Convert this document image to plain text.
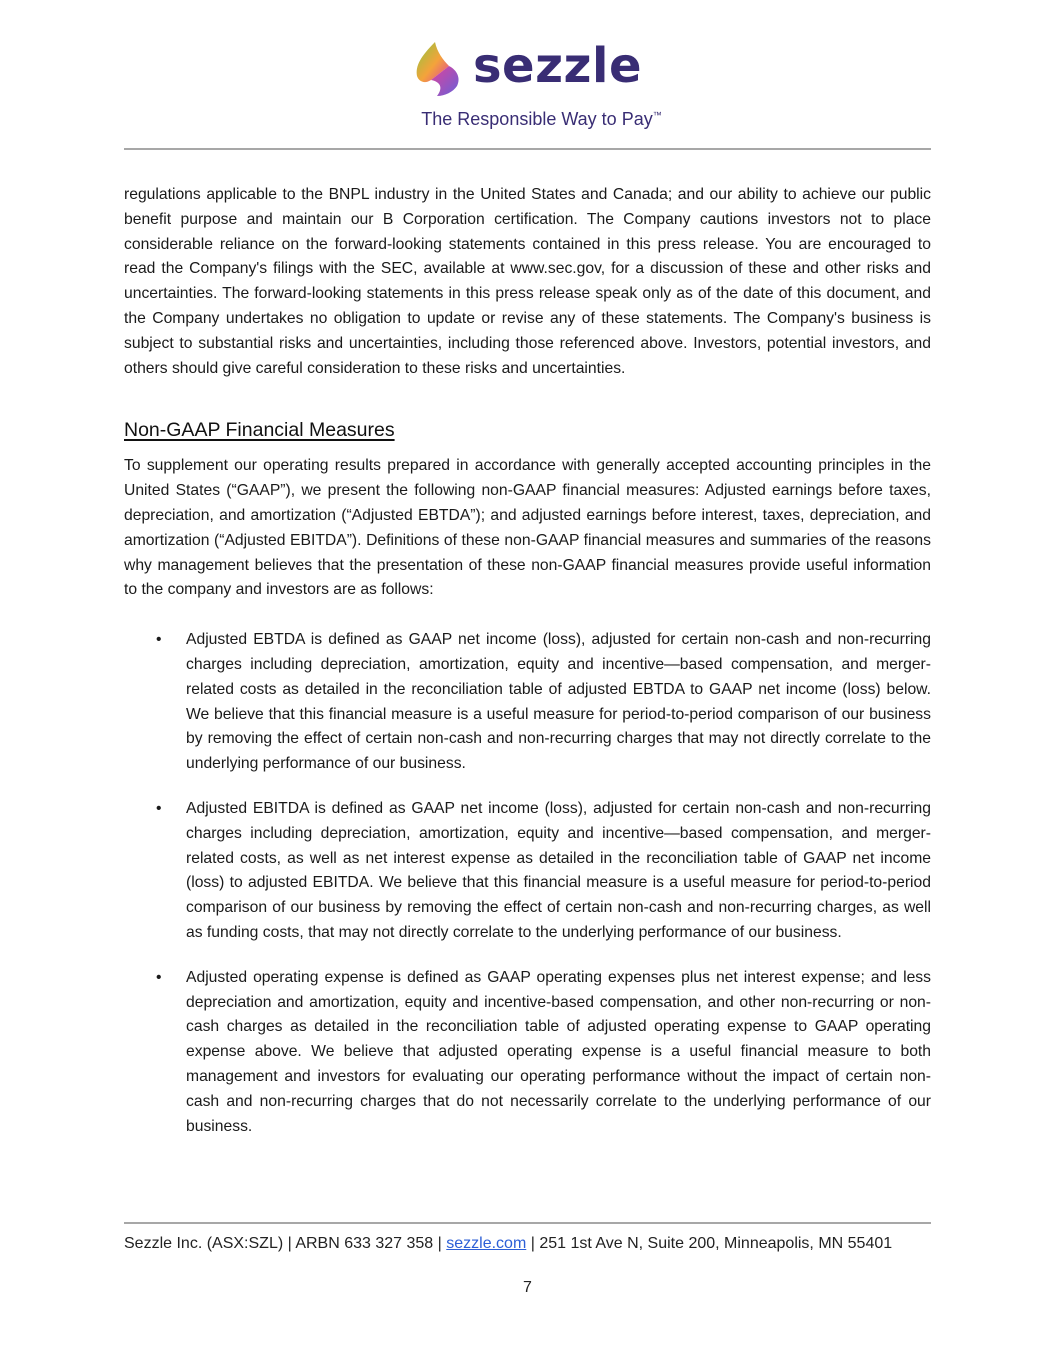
sezzle
The Responsible Way to Pay™

regulations applicable to the BNPL industry in the United States and Canada; and our ability to achieve our public benefit purpose and maintain our B Corporation certification. The Company cautions investors not to place considerable reliance on the forward-looking statements contained in this press release. You are encouraged to read the Company's filings with the SEC, available at www.sec.gov, for a discussion of these and other risks and uncertainties. The forward-looking statements in this press release speak only as of the date of this document, and the Company undertakes no obligation to update or revise any of these statements. The Company's business is subject to substantial risks and uncertainties, including those referenced above. Investors, potential investors, and others should give careful consideration to these risks and uncertainties.

Non-GAAP Financial Measures

To supplement our operating results prepared in accordance with generally accepted accounting principles in the United States (“GAAP”), we present the following non-GAAP financial measures: Adjusted earnings before taxes, depreciation, and amortization (“Adjusted EBTDA”); and adjusted earnings before interest, taxes, depreciation, and amortization (“Adjusted EBITDA”). Definitions of these non-GAAP financial measures and summaries of the reasons why management believes that the presentation of these non-GAAP financial measures provide useful information to the company and investors are as follows:

• Adjusted EBTDA is defined as GAAP net income (loss), adjusted for certain non-cash and non-recurring charges including depreciation, amortization, equity and incentive—based compensation, and merger-related costs as detailed in the reconciliation table of adjusted EBTDA to GAAP net income (loss) below. We believe that this financial measure is a useful measure for period-to-period comparison of our business by removing the effect of certain non-cash and non-recurring charges that may not directly correlate to the underlying performance of our business.

• Adjusted EBITDA is defined as GAAP net income (loss), adjusted for certain non-cash and non-recurring charges including depreciation, amortization, equity and incentive—based compensation, and merger-related costs, as well as net interest expense as detailed in the reconciliation table of GAAP net income (loss) to adjusted EBITDA. We believe that this financial measure is a useful measure for period-to-period comparison of our business by removing the effect of certain non-cash and non-recurring charges, as well as funding costs, that may not directly correlate to the underlying performance of our business.

• Adjusted operating expense is defined as GAAP operating expenses plus net interest expense; and less depreciation and amortization, equity and incentive-based compensation, and other non-recurring or non-cash charges as detailed in the reconciliation table of adjusted operating expense to GAAP operating expense above. We believe that adjusted operating expense is a useful financial measure to both management and investors for evaluating our operating performance without the impact of certain non-cash and non-recurring charges that do not necessarily correlate to the underlying performance of our business.

Sezzle Inc. (ASX:SZL) | ARBN 633 327 358 | sezzle.com | 251 1st Ave N, Suite 200, Minneapolis, MN 55401
7
